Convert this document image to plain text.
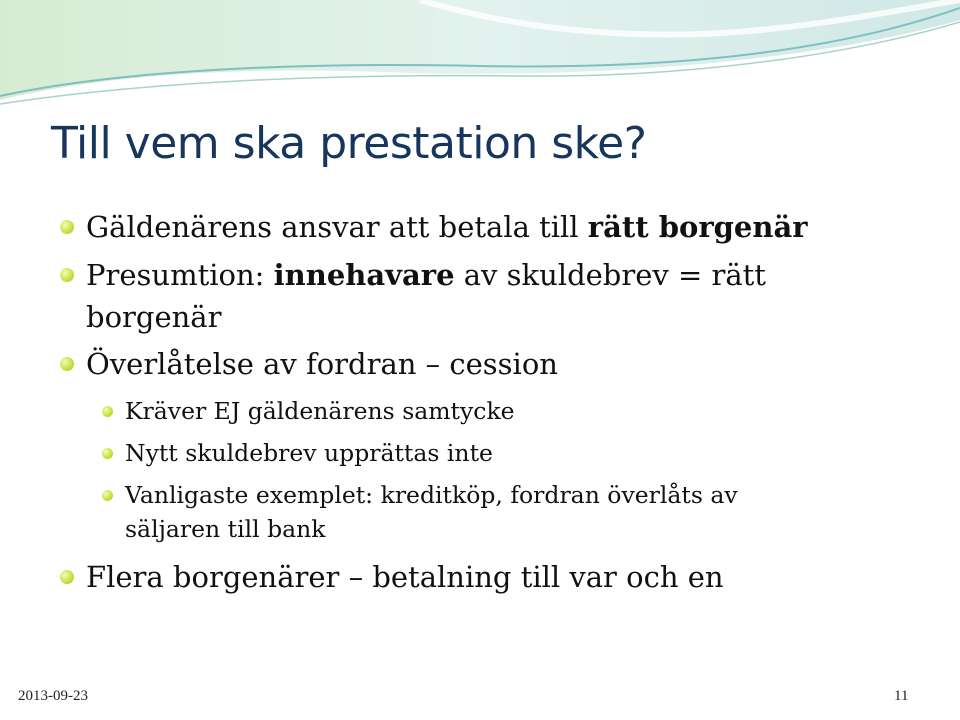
Till vem ska prestation ske?
Gäldenärens ansvar att betala till rätt borgenär
Presumtion: innehavare av skuldebrev = rätt
borgenär
Överlåtelse av fordran – cession
Kräver EJ gäldenärens samtycke
Nytt skuldebrev upprättas inte
Vanligaste exemplet: kreditköp, fordran överlåts av
säljaren till bank
Flera borgenärer – betalning till var och en
2013-09-23	11
